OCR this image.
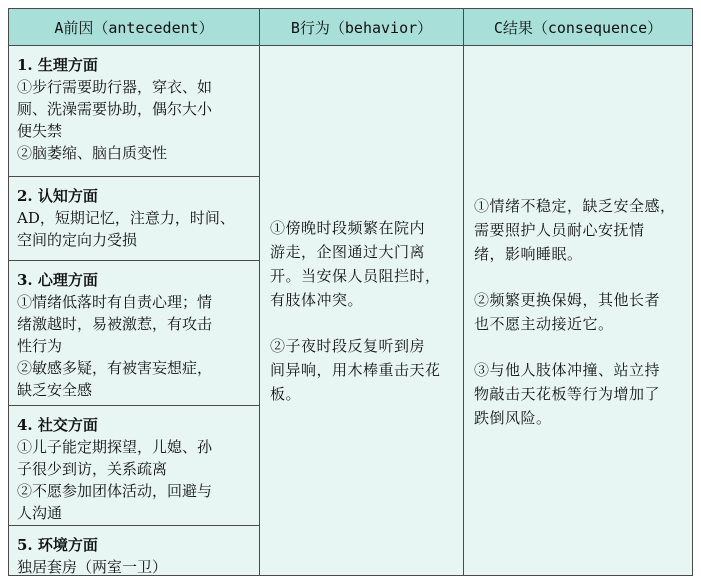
A前因（antecedent）	B行为（behavior）	C结果（consequence）
1. 生理方面

①步行需要助行器，穿衣、如

厕、洗澡需要协助，偶尔大小

便失禁

②脑萎缩、脑白质变性

2. 认知方面

AD，短期记忆，注意力，时间、

空间的定向力受损

3. 心理方面

①情绪低落时有自责心理；情

绪激越时，易被激惹，有攻击

性行为

②敏感多疑，有被害妄想症，

缺乏安全感

4. 社交方面

①儿子能定期探望，儿媳、孙

子很少到访，关系疏离

②不愿参加团体活动，回避与

人沟通

5. 环境方面

独居套房（两室一卫）

①傍晚时段频繁在院内
游走，企图通过大门离
开。当安保人员阻拦时，
有肢体冲突。

②子夜时段反复听到房
间异响，用木棒重击天花
板。

①情绪不稳定，缺乏安全感，
需要照护人员耐心安抚情
绪，影响睡眠。

②频繁更换保姆，其他长者
也不愿主动接近它。

③与他人肢体冲撞、站立持
物敲击天花板等行为增加了
跌倒风险。
